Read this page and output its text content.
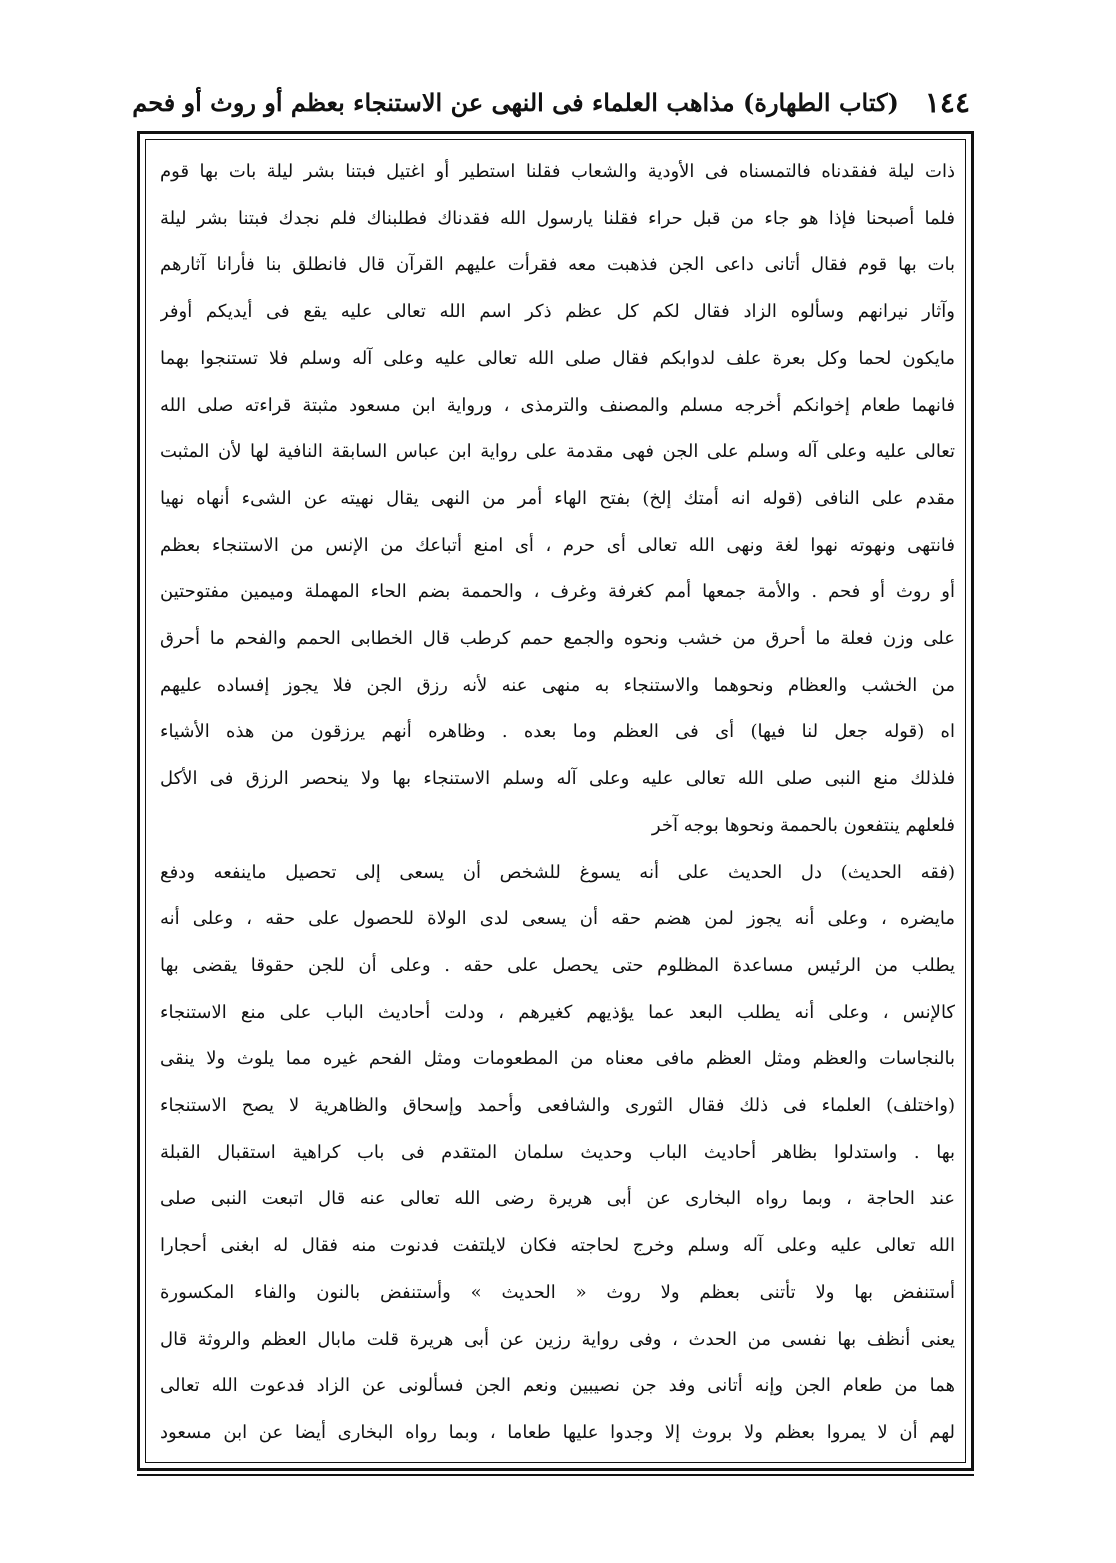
١٤٤
(كتاب الطهارة) مذاهب العلماء فى النهى عن الاستنجاء بعظم أو روث أو فحم
ذات ليلة ففقدناه فالتمسناه فى الأودية والشعاب فقلنا استطير أو اغتيل فبتنا بشر ليلة بات بها قوم
فلما أصبحنا فإذا هو جاء من قبل حراء فقلنا يارسول الله فقدناك فطلبناك فلم نجدك فبتنا بشر ليلة
بات بها قوم فقال أتانى داعى الجن فذهبت معه فقرأت عليهم القرآن قال فانطلق بنا فأرانا آثارهم
وآثار نيرانهم وسألوه الزاد فقال لكم كل عظم ذكر اسم الله تعالى عليه يقع فى أيديكم أوفر
مايكون لحما وكل بعرة علف لدوابكم فقال صلى الله تعالى عليه وعلى آله وسلم فلا تستنجوا بهما
فانهما طعام إخوانكم أخرجه مسلم والمصنف والترمذى ، ورواية ابن مسعود مثبتة قراءته صلى الله
تعالى عليه وعلى آله وسلم على الجن فهى مقدمة على رواية ابن عباس السابقة النافية لها لأن المثبت
مقدم على النافى (قوله انه أمتك إلخ) بفتح الهاء أمر من النهى يقال نهيته عن الشىء أنهاه نهيا
فانتهى ونهوته نهوا لغة ونهى الله تعالى أى حرم ، أى امنع أتباعك من الإنس من الاستنجاء بعظم
أو روث أو فحم . والأمة جمعها أمم كغرفة وغرف ، والحممة بضم الحاء المهملة وميمين مفتوحتين
على وزن فعلة ما أحرق من خشب ونحوه والجمع حمم كرطب قال الخطابى الحمم والفحم ما أحرق
من الخشب والعظام ونحوهما والاستنجاء به منهى عنه لأنه رزق الجن فلا يجوز إفساده عليهم
اه (قوله جعل لنا فيها) أى فى العظم وما بعده . وظاهره أنهم يرزقون من هذه الأشياء
فلذلك منع النبى صلى الله تعالى عليه وعلى آله وسلم الاستنجاء بها ولا ينحصر الرزق فى الأكل
فلعلهم ينتفعون بالحممة ونحوها بوجه آخر
(فقه الحديث) دل الحديث على أنه يسوغ للشخص أن يسعى إلى تحصيل ماينفعه ودفع
مايضره ، وعلى أنه يجوز لمن هضم حقه أن يسعى لدى الولاة للحصول على حقه ، وعلى أنه
يطلب من الرئيس مساعدة المظلوم حتى يحصل على حقه . وعلى أن للجن حقوقا يقضى بها
كالإنس ، وعلى أنه يطلب البعد عما يؤذيهم كغيرهم ، ودلت أحاديث الباب على منع الاستنجاء
بالنجاسات والعظم ومثل العظم مافى معناه من المطعومات ومثل الفحم غيره مما يلوث ولا ينقى
(واختلف) العلماء فى ذلك فقال الثورى والشافعى وأحمد وإسحاق والظاهرية لا يصح الاستنجاء
بها . واستدلوا بظاهر أحاديث الباب وحديث سلمان المتقدم فى باب كراهية استقبال القبلة
عند الحاجة ، وبما رواه البخارى عن أبى هريرة رضى الله تعالى عنه قال اتبعت النبى صلى
الله تعالى عليه وعلى آله وسلم وخرج لحاجته فكان لايلتفت فدنوت منه فقال له ابغنى أحجارا
أستنفض بها ولا تأتنى بعظم ولا روث « الحديث » وأستنفض بالنون والفاء المكسورة
يعنى أنظف بها نفسى من الحدث ، وفى رواية رزين عن أبى هريرة قلت مابال العظم والروثة قال
هما من طعام الجن وإنه أتانى وفد جن نصيبين ونعم الجن فسألونى عن الزاد فدعوت الله تعالى
لهم أن لا يمروا بعظم ولا بروث إلا وجدوا عليها طعاما ، وبما رواه البخارى أيضا عن ابن مسعود
